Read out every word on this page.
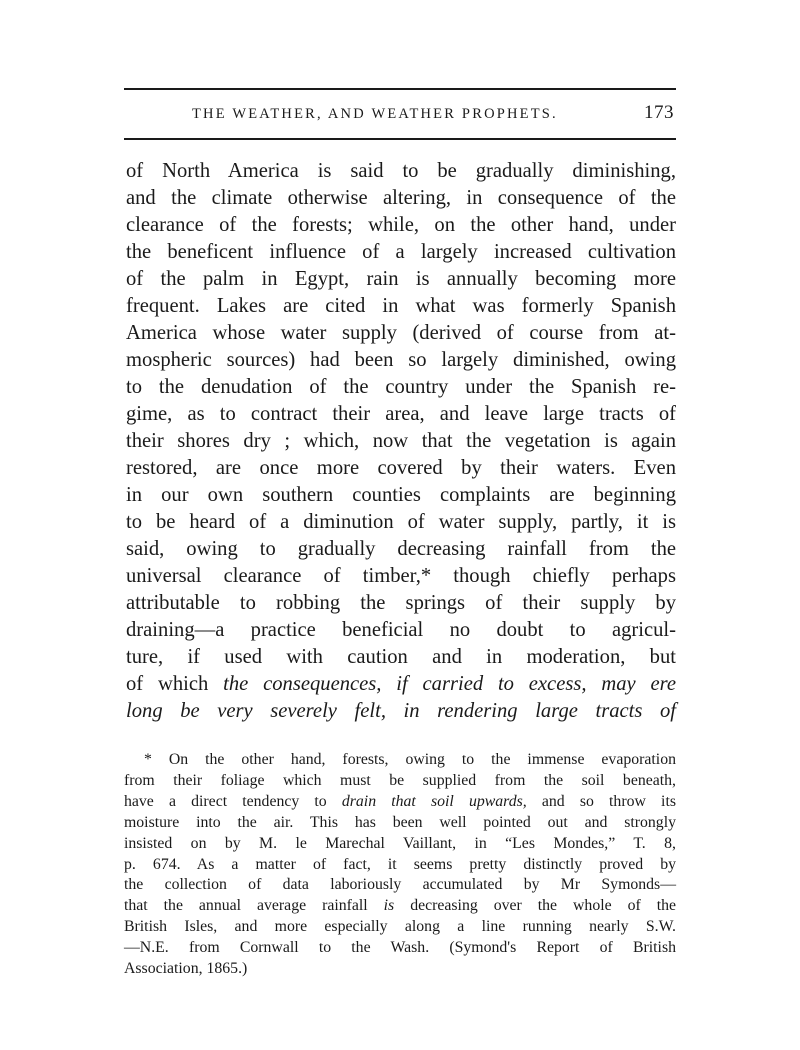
THE WEATHER, AND WEATHER PROPHETS.	173
of North America is said to be gradually diminishing,
and the climate otherwise altering, in consequence of the
clearance of the forests; while, on the other hand, under
the beneficent influence of a largely increased cultivation
of the palm in Egypt, rain is annually becoming more
frequent. Lakes are cited in what was formerly Spanish
America whose water supply (derived of course from at-
mospheric sources) had been so largely diminished, owing
to the denudation of the country under the Spanish re-
gime, as to contract their area, and leave large tracts of
their shores dry ; which, now that the vegetation is again
restored, are once more covered by their waters. Even
in our own southern counties complaints are beginning
to be heard of a diminution of water supply, partly, it is
said, owing to gradually decreasing rainfall from the
universal clearance of timber,* though chiefly perhaps
attributable to robbing the springs of their supply by
draining—a practice beneficial no doubt to agricul-
ture, if used with caution and in moderation, but
of which the consequences, if carried to excess, may ere
long be very severely felt, in rendering large tracts of
* On the other hand, forests, owing to the immense evaporation
from their foliage which must be supplied from the soil beneath,
have a direct tendency to drain that soil upwards, and so throw its
moisture into the air. This has been well pointed out and strongly
insisted on by M. le Marechal Vaillant, in “Les Mondes,” T. 8,
p. 674. As a matter of fact, it seems pretty distinctly proved by
the collection of data laboriously accumulated by Mr Symonds—
that the annual average rainfall is decreasing over the whole of the
British Isles, and more especially along a line running nearly S.W.
—N.E. from Cornwall to the Wash. (Symond's Report of British
Association, 1865.)
